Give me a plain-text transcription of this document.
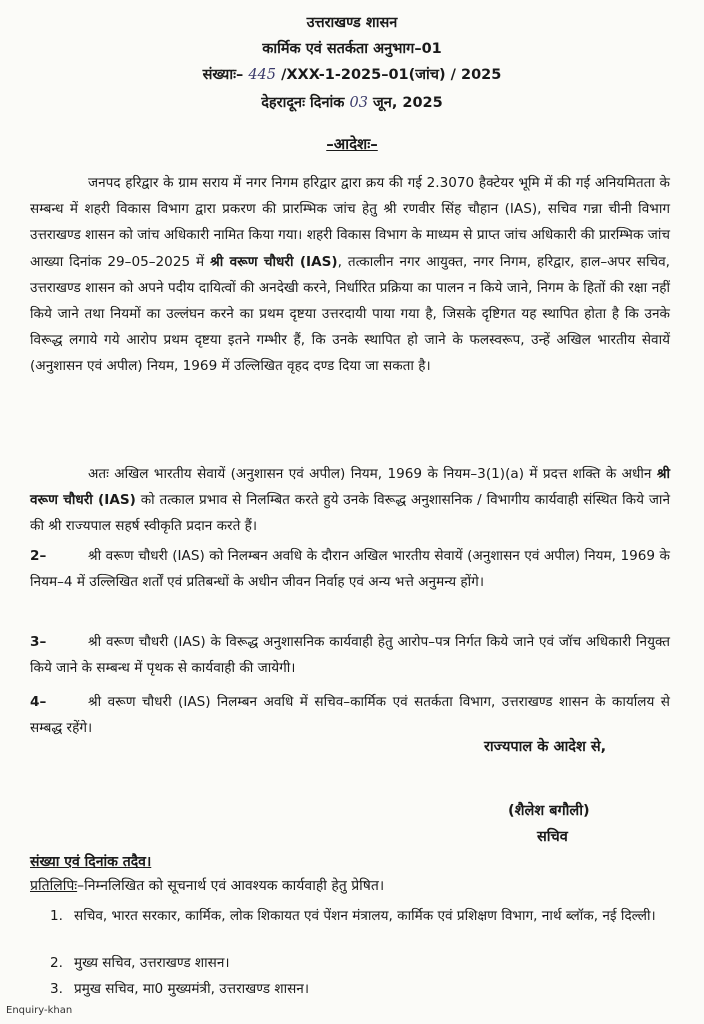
उत्तराखण्ड शासन
कार्मिक एवं सतर्कता अनुभाग–01
संख्याः– 445 /XXX-1-2025–01(जांच) / 2025
देहरादूनः दिनांक 03 जून, 2025
–आदेशः–
जनपद हरिद्वार के ग्राम सराय में नगर निगम हरिद्वार द्वारा क्रय की गई 2.3070 हैक्टेयर भूमि में की गई अनियमितता के सम्बन्ध में शहरी विकास विभाग द्वारा प्रकरण की प्रारम्भिक जांच हेतु श्री रणवीर सिंह चौहान (IAS), सचिव गन्ना चीनी विभाग उत्तराखण्ड शासन को जांच अधिकारी नामित किया गया। शहरी विकास विभाग के माध्यम से प्राप्त जांच अधिकारी की प्रारम्भिक जांच आख्या दिनांक 29–05–2025 में श्री वरूण चौधरी (IAS), तत्कालीन नगर आयुक्त, नगर निगम, हरिद्वार, हाल–अपर सचिव, उत्तराखण्ड शासन को अपने पदीय दायित्वों की अनदेखी करने, निर्धारित प्रक्रिया का पालन न किये जाने, निगम के हितों की रक्षा नहीं किये जाने तथा नियमों का उल्लंघन करने का प्रथम दृष्टया उत्तरदायी पाया गया है, जिसके दृष्टिगत यह स्थापित होता है कि उनके विरूद्ध लगाये गये आरोप प्रथम दृष्टया इतने गम्भीर हैं, कि उनके स्थापित हो जाने के फलस्वरूप, उन्हें अखिल भारतीय सेवायें (अनुशासन एवं अपील) नियम, 1969 में उल्लिखित वृहद दण्ड दिया जा सकता है।
अतः अखिल भारतीय सेवायें (अनुशासन एवं अपील) नियम, 1969 के नियम–3(1)(a) में प्रदत्त शक्ति के अधीन श्री वरूण चौधरी (IAS) को तत्काल प्रभाव से निलम्बित करते हुये उनके विरूद्ध अनुशासनिक / विभागीय कार्यवाही संस्थित किये जाने की श्री राज्यपाल सहर्ष स्वीकृति प्रदान करते हैं।
2–	श्री वरूण चौधरी (IAS) को निलम्बन अवधि के दौरान अखिल भारतीय सेवायें (अनुशासन एवं अपील) नियम, 1969 के नियम–4 में उल्लिखित शर्तों एवं प्रतिबन्धों के अधीन जीवन निर्वाह एवं अन्य भत्ते अनुमन्य होंगे।
3–	श्री वरूण चौधरी (IAS) के विरूद्ध अनुशासनिक कार्यवाही हेतु आरोप–पत्र निर्गत किये जाने एवं जॉच अधिकारी नियुक्त किये जाने के सम्बन्ध में पृथक से कार्यवाही की जायेगी।
4–	श्री वरूण चौधरी (IAS) निलम्बन अवधि में सचिव–कार्मिक एवं सतर्कता विभाग, उत्तराखण्ड शासन के कार्यालय से सम्बद्ध रहेंगे।
राज्यपाल के आदेश से,
(शैलेश बगौली)
सचिव
संख्या एवं दिनांक तदैव।
प्रतिलिपिः–निम्नलिखित को सूचनार्थ एवं आवश्यक कार्यवाही हेतु प्रेषित।
1. सचिव, भारत सरकार, कार्मिक, लोक शिकायत एवं पेंशन मंत्रालय, कार्मिक एवं प्रशिक्षण विभाग, नार्थ ब्लॉक, नई दिल्ली।
2. मुख्य सचिव, उत्तराखण्ड शासन।
3. प्रमुख सचिव, मा0 मुख्यमंत्री, उत्तराखण्ड शासन।
Enquiry-khan
